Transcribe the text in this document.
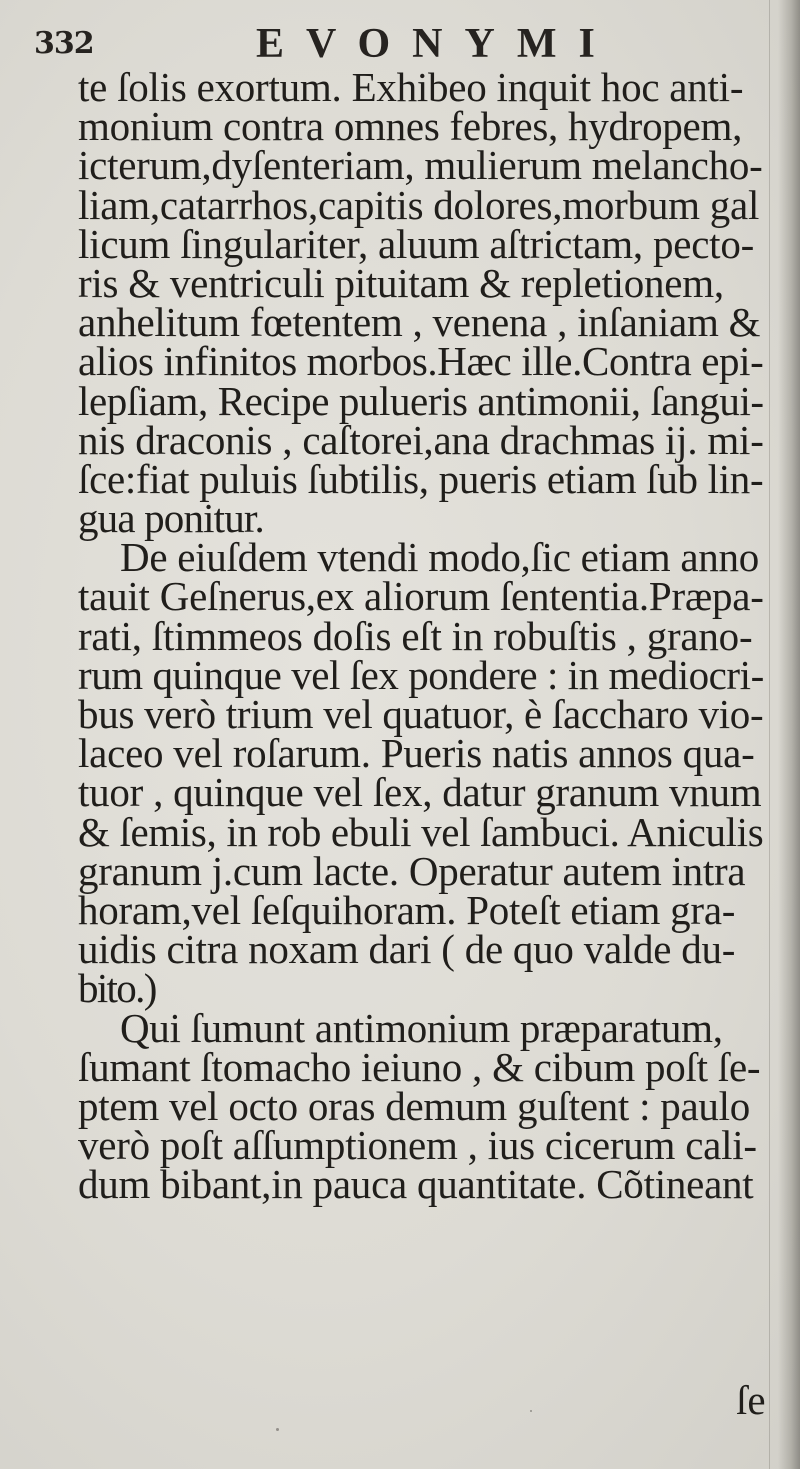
332	EVONYMI
te ſolis exortum. Exhibeo inquit hoc anti-
monium contra omnes febres, hydropem,
icterum,dyſenteriam, mulierum melancho-
liam,catarrhos,capitis dolores,morbum gal
licum ſingulariter, aluum aſtrictam, pecto-
ris & ventriculi pituitam & repletionem,
anhelitum fœtentem , venena , inſaniam &
alios infinitos morbos.Hæc ille.Contra epi-
lepſiam, Recipe pulueris antimonii, ſangui-
nis draconis , caſtorei,ana drachmas ij. mi-
ſce:fiat puluis ſubtilis, pueris etiam ſub lin-
gua ponitur.
De eiuſdem vtendi modo,ſic etiam anno
tauit Geſnerus,ex aliorum ſententia.Præpa-
rati, ſtimmeos doſis eſt in robuſtis , grano-
rum quinque vel ſex pondere : in mediocri-
bus verò trium vel quatuor, è ſaccharo vio-
laceo vel roſarum. Pueris natis annos qua-
tuor , quinque vel ſex, datur granum vnum
& ſemis, in rob ebuli vel ſambuci. Aniculis
granum j.cum lacte. Operatur autem intra
horam,vel ſeſquihoram. Poteſt etiam gra-
uidis citra noxam dari ( de quo valde du-
bito.)
Qui ſumunt antimonium præparatum,
ſumant ſtomacho ieiuno , & cibum poſt ſe-
ptem vel octo oras demum guſtent : paulo
verò poſt aſſumptionem , ius cicerum cali-
dum bibant,in pauca quantitate. Cõtineant
ſe
